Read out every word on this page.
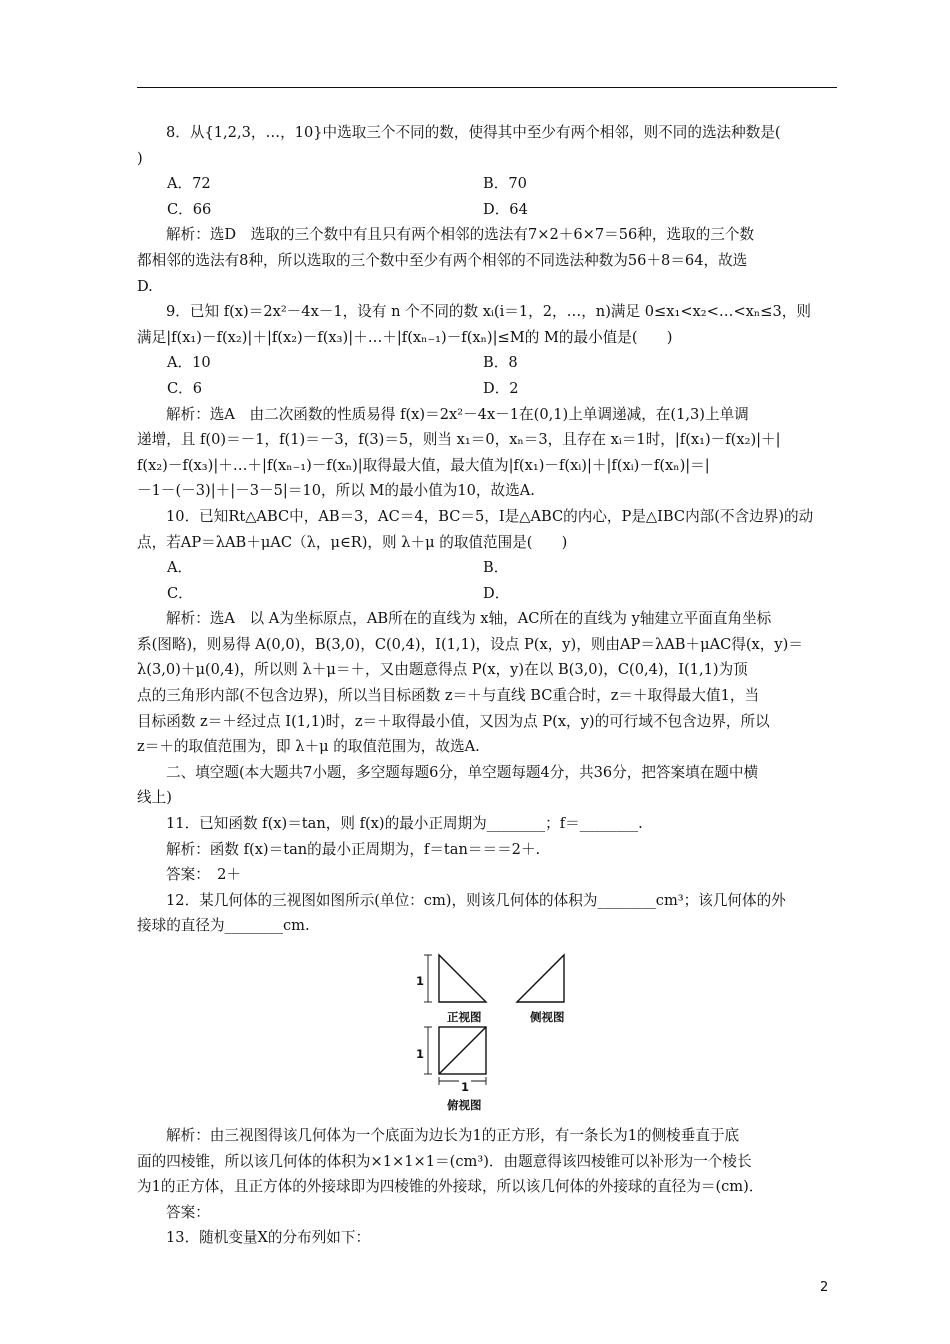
8．从{1,2,3，…，10}中选取三个不同的数，使得其中至少有两个相邻，则不同的选法种数是(

)

A．72	B．70
C．66	D．64

解析：选D　选取的三个数中有且只有两个相邻的选法有7×2＋6×7＝56种，选取的三个数

都相邻的选法有8种，所以选取的三个数中至少有两个相邻的不同选法种数为56＋8＝64，故选

D.

9．已知 f(x)＝2x²－4x－1，设有 n 个不同的数 xᵢ(i＝1，2，…，n)满足 0≤x₁<x₂<…<xₙ≤3，则

满足|f(x₁)－f(x₂)|＋|f(x₂)－f(x₃)|＋…＋|f(xₙ₋₁)－f(xₙ)|≤M的 M的最小值是(　　)

A．10	B．8
C．6	D．2

解析：选A　由二次函数的性质易得 f(x)＝2x²－4x－1在(0,1)上单调递减，在(1,3)上单调

递增，且 f(0)＝－1，f(1)＝－3，f(3)＝5，则当 x₁＝0，xₙ＝3，且存在 xᵢ＝1时，|f(x₁)－f(x₂)|＋|

f(x₂)－f(x₃)|＋…＋|f(xₙ₋₁)－f(xₙ)|取得最大值，最大值为|f(x₁)－f(xᵢ)|＋|f(xᵢ)－f(xₙ)|＝|

－1－(－3)|＋|－3－5|＝10，所以 M的最小值为10，故选A.

10．已知Rt△ABC中，AB＝3，AC＝4，BC＝5，I是△ABC的内心，P是△IBC内部(不含边界)的动

点，若AP＝λAB＋μAC（λ，μ∈R)，则 λ＋μ 的取值范围是(　　)

A．	B．
C．	D．

解析：选A　以 A为坐标原点，AB所在的直线为 x轴，AC所在的直线为 y轴建立平面直角坐标

系(图略)，则易得 A(0,0)，B(3,0)，C(0,4)，I(1,1)，设点 P(x，y)，则由AP＝λAB＋μAC得(x，y)＝

λ(3,0)＋μ(0,4)，所以则 λ＋μ＝＋，又由题意得点 P(x，y)在以 B(3,0)，C(0,4)，I(1,1)为顶

点的三角形内部(不包含边界)，所以当目标函数 z＝＋与直线 BC重合时，z＝＋取得最大值1，当

目标函数 z＝＋经过点 I(1,1)时，z＝＋取得最小值，又因为点 P(x，y)的可行域不包含边界，所以

z＝＋的取值范围为，即 λ＋μ 的取值范围为，故选A.

二、填空题(本大题共7小题，多空题每题6分，单空题每题4分，共36分，把答案填在题中横

线上)

11．已知函数 f(x)＝tan，则 f(x)的最小正周期为________；f＝________.

解析：函数 f(x)＝tan的最小正周期为，f＝tan＝＝＝2＋.

答案：　2＋

12．某几何体的三视图如图所示(单位：cm)，则该几何体的体积为________cm³；该几何体的外

接球的直径为________cm.

1
1
1
正视图	侧视图
俯视图

解析：由三视图得该几何体为一个底面为边长为1的正方形，有一条长为1的侧棱垂直于底

面的四棱锥，所以该几何体的体积为×1×1×1＝(cm³)．由题意得该四棱锥可以补形为一个棱长

为1的正方体，且正方体的外接球即为四棱锥的外接球，所以该几何体的外接球的直径为＝(cm)．

答案：

13．随机变量X的分布列如下：

2
